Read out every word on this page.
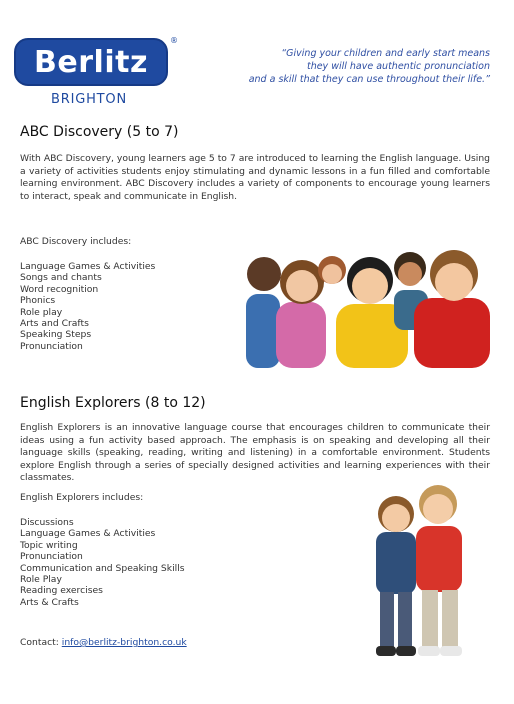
Berlitz
®
BRIGHTON
“Giving your children and early start means
they will have authentic pronunciation
and a skill that they can use throughout their life.”
ABC Discovery (5 to 7)

With ABC Discovery, young learners age 5 to 7 are introduced to learning the English language. Using a variety of activities students enjoy stimulating and dynamic lessons in a fun filled and comfortable learning environment. ABC Discovery includes a variety of components to encourage young learners to interact, speak and communicate in English.

ABC Discovery includes:

Language Games & Activities
Songs and chants
Word recognition
Phonics
Role play
Arts and Crafts
Speaking Steps
Pronunciation
English Explorers (8 to 12)

English Explorers is an innovative language course that encourages children to communicate their ideas using a fun activity based approach. The emphasis is on speaking and developing all their language skills (speaking, reading, writing and listening) in a comfortable environment. Students explore English through a series of specially designed activities and learning experiences with their classmates.

English Explorers includes:

Discussions
Language Games & Activities
Topic writing
Pronunciation
Communication and Speaking Skills
Role Play
Reading exercises
Arts & Crafts
Contact: info@berlitz-brighton.co.uk
